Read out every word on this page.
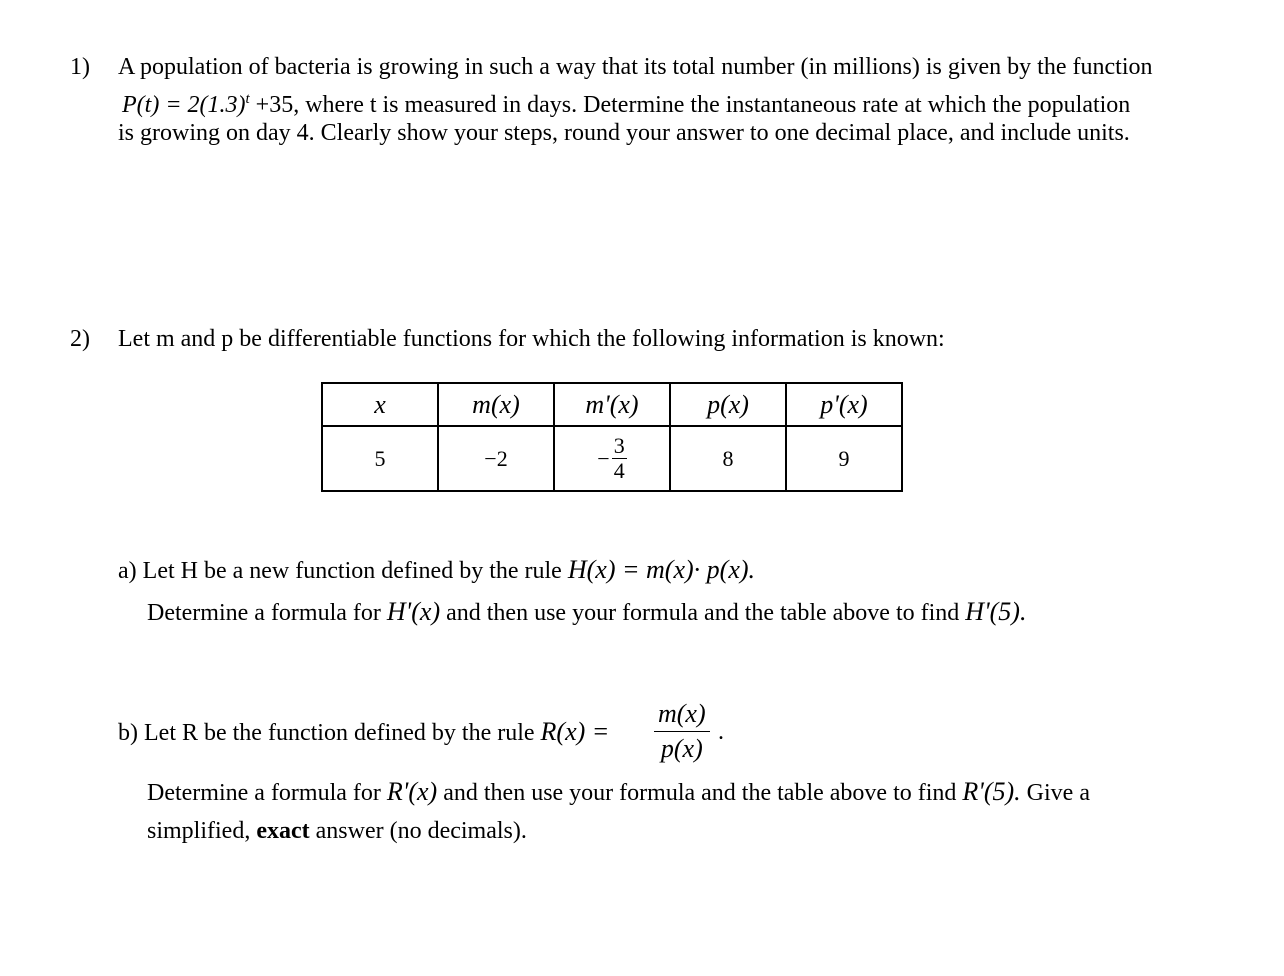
1) A population of bacteria is growing in such a way that its total number (in millions) is given by the function
$P(t) = 2(1.3)^t +35$, where t is measured in days. Determine the instantaneous rate at which the population
is growing on day 4. Clearly show your steps, round your answer to one decimal place, and include units.
2) Let m and p be differentiable functions for which the following information is known:
x	m(x)	m'(x)	p(x)	p'(x)
5	−2	− $\frac{3}{4}$	8	9
a) Let H be a new function defined by the rule H(x) = m(x)· p(x).
Determine a formula for H'(x) and then use your formula and the table above to find H'(5).
b) Let R be the function defined by the rule $R(x) = \frac{m(x)}{p(x)}$ .
Determine a formula for R'(x) and then use your formula and the table above to find R'(5). Give a
simplified, exact answer (no decimals).
